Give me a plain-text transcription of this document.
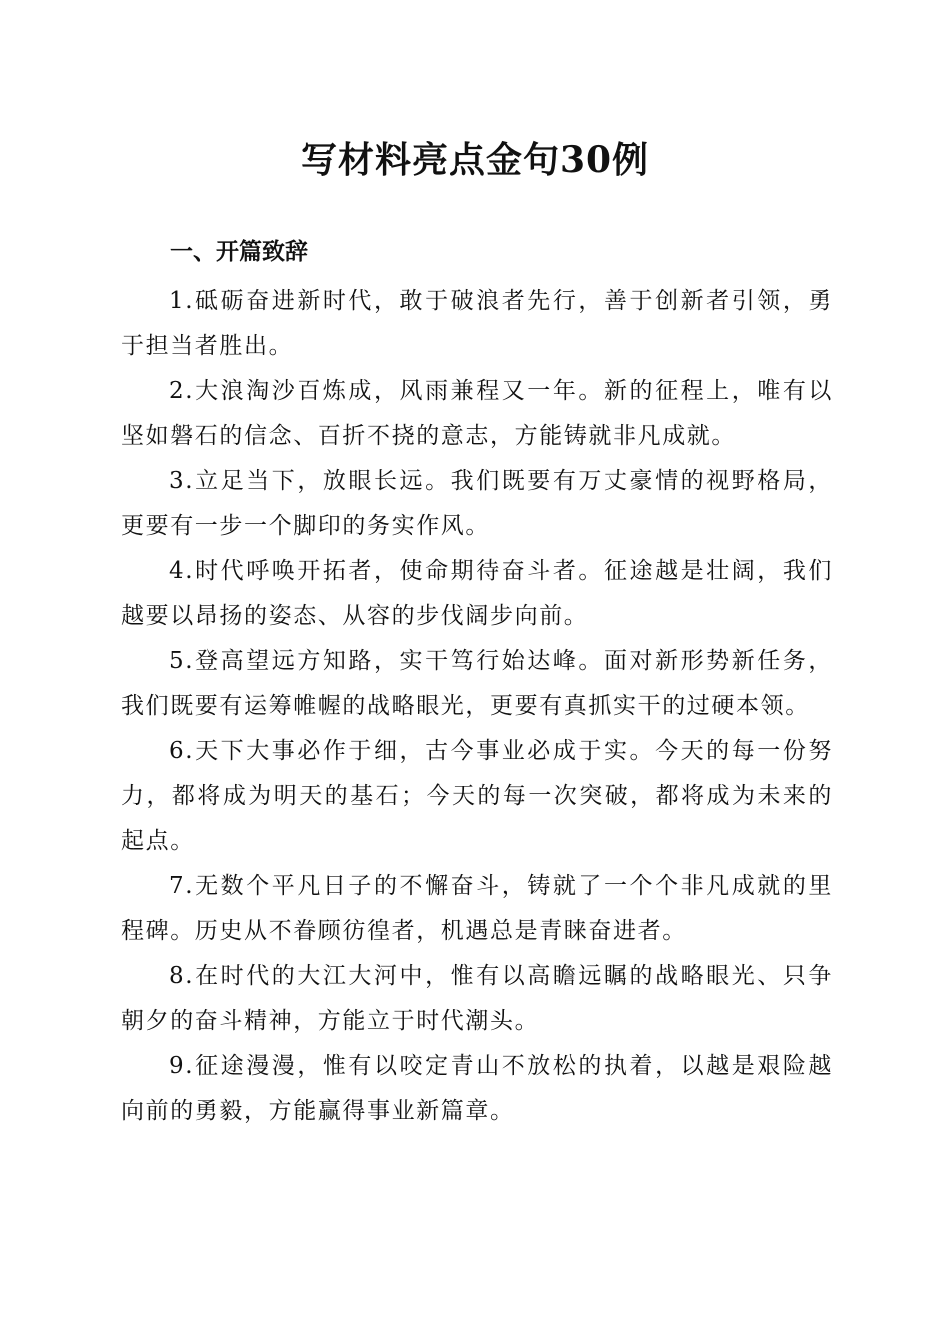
写材料亮点金句30例
一、开篇致辞

1.砥砺奋进新时代，敢于破浪者先行，善于创新者引领，勇于担当者胜出。

2.大浪淘沙百炼成，风雨兼程又一年。新的征程上，唯有以坚如磐石的信念、百折不挠的意志，方能铸就非凡成就。

3.立足当下，放眼长远。我们既要有万丈豪情的视野格局，更要有一步一个脚印的务实作风。

4.时代呼唤开拓者，使命期待奋斗者。征途越是壮阔，我们越要以昂扬的姿态、从容的步伐阔步向前。

5.登高望远方知路，实干笃行始达峰。面对新形势新任务，我们既要有运筹帷幄的战略眼光，更要有真抓实干的过硬本领。

6.天下大事必作于细，古今事业必成于实。今天的每一份努力，都将成为明天的基石；今天的每一次突破，都将成为未来的起点。

7.无数个平凡日子的不懈奋斗，铸就了一个个非凡成就的里程碑。历史从不眷顾彷徨者，机遇总是青睐奋进者。

8.在时代的大江大河中，惟有以高瞻远瞩的战略眼光、只争朝夕的奋斗精神，方能立于时代潮头。

9.征途漫漫，惟有以咬定青山不放松的执着，以越是艰险越向前的勇毅，方能赢得事业新篇章。
